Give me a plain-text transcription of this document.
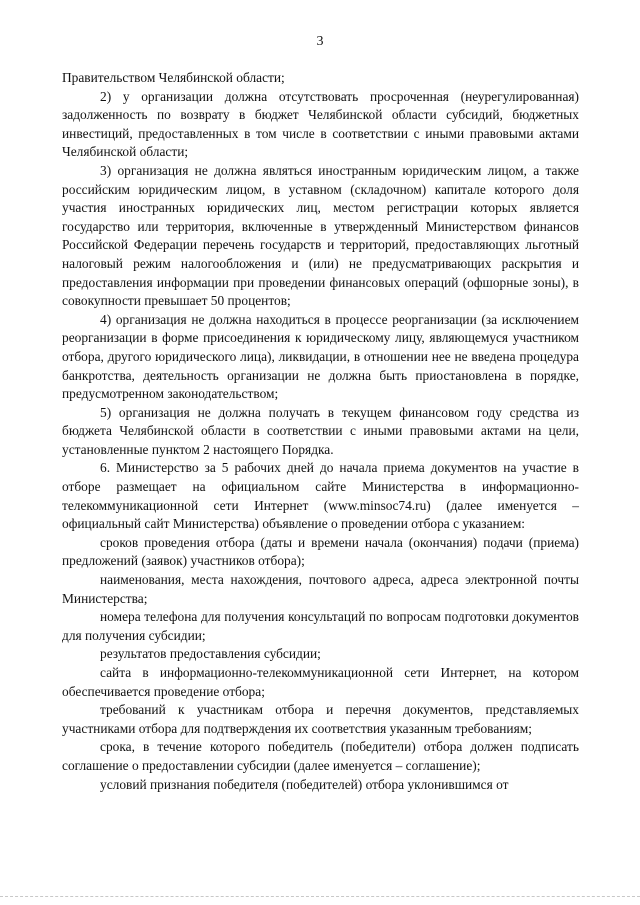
3

Правительством Челябинской области;

2) у организации должна отсутствовать просроченная (неурегулированная) задолженность по возврату в бюджет Челябинской области субсидий, бюджетных инвестиций, предоставленных в том числе в соответствии с иными правовыми актами Челябинской области;

3) организация не должна являться иностранным юридическим лицом, а также российским юридическим лицом, в уставном (складочном) капитале которого доля участия иностранных юридических лиц, местом регистрации которых является государство или территория, включенные в утвержденный Министерством финансов Российской Федерации перечень государств и территорий, предоставляющих льготный налоговый режим налогообложения и (или) не предусматривающих раскрытия и предоставления информации при проведении финансовых операций (офшорные зоны), в совокупности превышает 50 процентов;

4) организация не должна находиться в процессе реорганизации (за исключением реорганизации в форме присоединения к юридическому лицу, являющемуся участником отбора, другого юридического лица), ликвидации, в отношении нее не введена процедура банкротства, деятельность организации не должна быть приостановлена в порядке, предусмотренном законодательством;

5) организация не должна получать в текущем финансовом году средства из бюджета Челябинской области в соответствии с иными правовыми актами на цели, установленные пунктом 2 настоящего Порядка.

6. Министерство за 5 рабочих дней до начала приема документов на участие в отборе размещает на официальном сайте Министерства в информационно-телекоммуникационной сети Интернет (www.minsoc74.ru) (далее именуется – официальный сайт Министерства) объявление о проведении отбора с указанием:

сроков проведения отбора (даты и времени начала (окончания) подачи (приема) предложений (заявок) участников отбора);

наименования, места нахождения, почтового адреса, адреса электронной почты Министерства;

номера телефона для получения консультаций по вопросам подготовки документов для получения субсидии;

результатов предоставления субсидии;

сайта в информационно-телекоммуникационной сети Интернет, на котором обеспечивается проведение отбора;

требований к участникам отбора и перечня документов, представляемых участниками отбора для подтверждения их соответствия указанным требованиям;

срока, в течение которого победитель (победители) отбора должен подписать соглашение о предоставлении субсидии (далее именуется – соглашение);

условий признания победителя (победителей) отбора уклонившимся от
